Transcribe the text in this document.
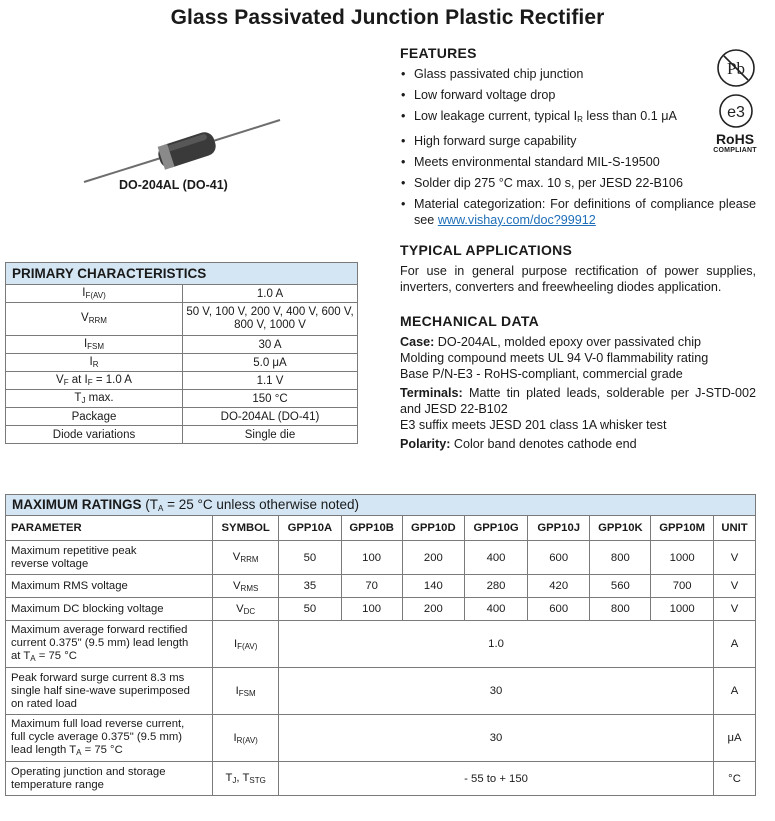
Glass Passivated Junction Plastic Rectifier
DO-204AL (DO-41)
Pb
e3
RoHS
COMPLIANT
FEATURES
• Glass passivated chip junction
• Low forward voltage drop
• Low leakage current, typical $I_R$ less than 0.1 μA
• High forward surge capability
• Meets environmental standard MIL-S-19500
• Solder dip 275 °C max. 10 s, per JESD 22-B106
• Material categorization: For definitions of compliance please see www.vishay.com/doc?99912
TYPICAL APPLICATIONS
For use in general purpose rectification of power supplies, inverters, converters and freewheeling diodes application.
MECHANICAL DATA

Case: DO-204AL, molded epoxy over passivated chip
Molding compound meets UL 94 V-0 flammability rating
Base P/N-E3 - RoHS-compliant, commercial grade

Terminals: Matte tin plated leads, solderable per J-STD-002 and JESD 22-B102
E3 suffix meets JESD 201 class 1A whisker test

Polarity: Color band denotes cathode end

PRIMARY CHARACTERISTICS	
$I_{F(AV)}$	1.0 A
$V_{RRM}$	50 V, 100 V, 200 V, 400 V, 600 V,
800 V, 1000 V
$I_{FSM}$	30 A
$I_R$	5.0 μA
$V_F$ at $I_F = 1.0$ A	1.1 V
$T_J$ max.	150 °C
Package	DO-204AL (DO-41)
Diode variations	Single die
MAXIMUM RATINGS ($T_A = 25$ °C unless otherwise noted)									
PARAMETER	SYMBOL	GPP10A	GPP10B	GPP10D	GPP10G	GPP10J	GPP10K	GPP10M	UNIT
Maximum repetitive peak
reverse voltage	$V_{RRM}$	50	100	200	400	600	800	1000	V
Maximum RMS voltage	$V_{RMS}$	35	70	140	280	420	560	700	V
Maximum DC blocking voltage	$V_{DC}$	50	100	200	400	600	800	1000	V
Maximum average forward rectified
current 0.375" (9.5 mm) lead length
at $T_A = 75$ °C	$I_{F(AV)}$	1.0							A
Peak forward surge current 8.3 ms
single half sine-wave superimposed
on rated load	$I_{FSM}$	30							A
Maximum full load reverse current,
full cycle average 0.375" (9.5 mm)
lead length $T_A = 75$ °C	$I_{R(AV)}$	30							μA
Operating junction and storage
temperature range	$T_J$, $T_{STG}$	- 55 to + 150							°C
